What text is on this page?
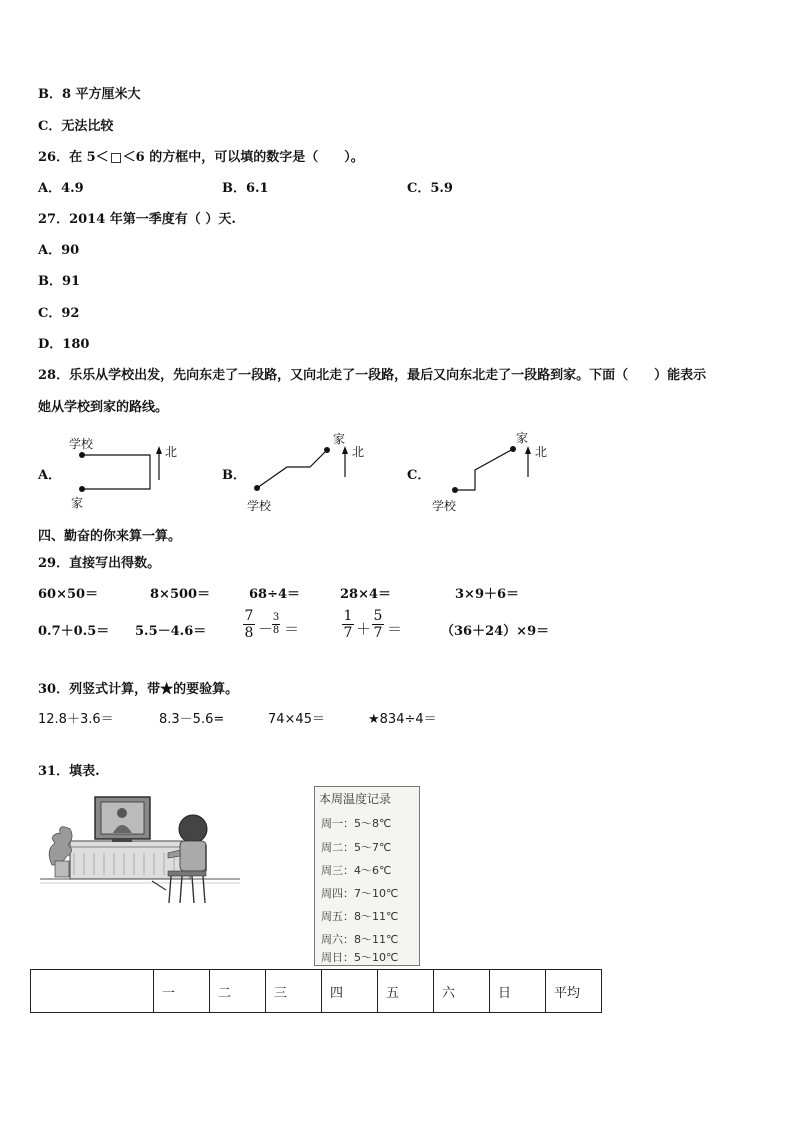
B．8 平方厘米大
C．无法比较
26．在 5＜ ＜6 的方框中，可以填的数字是（　　）。
A．4.9	B．6.1	C．5.9
27．2014 年第一季度有（ ）天.
A．90
B．91
C．92
D．180
28．乐乐从学校出发，先向东走了一段路，又向北走了一段路，最后又向东北走了一段路到家。下面（　　）能表示
她从学校到家的路线。
A．	B．	C．
学校
家
北
学校
家
北
学校
家
北
四、勤奋的你来算一算。
29．直接写出得数。
60×50＝	8×500＝	68÷4＝	28×4＝	3×9＋6＝
0.7＋0.5＝ 5.5－4.6＝
7
8 －
3
8 ＝
1
7 ＋
5
7 ＝	（36＋24）×9＝
30．列竖式计算，带★的要验算。
12.8＋3.6＝	8.3－5.6=	74×45＝	★834÷4＝
31．填表.
本周温度记录
周一：5～8℃
周二：5～7℃
周三：4～6℃
周四：7～10℃
周五：8～11℃
周六：8～11℃
周日：5～10℃
	一	二	三	四	五	六	日	平均
